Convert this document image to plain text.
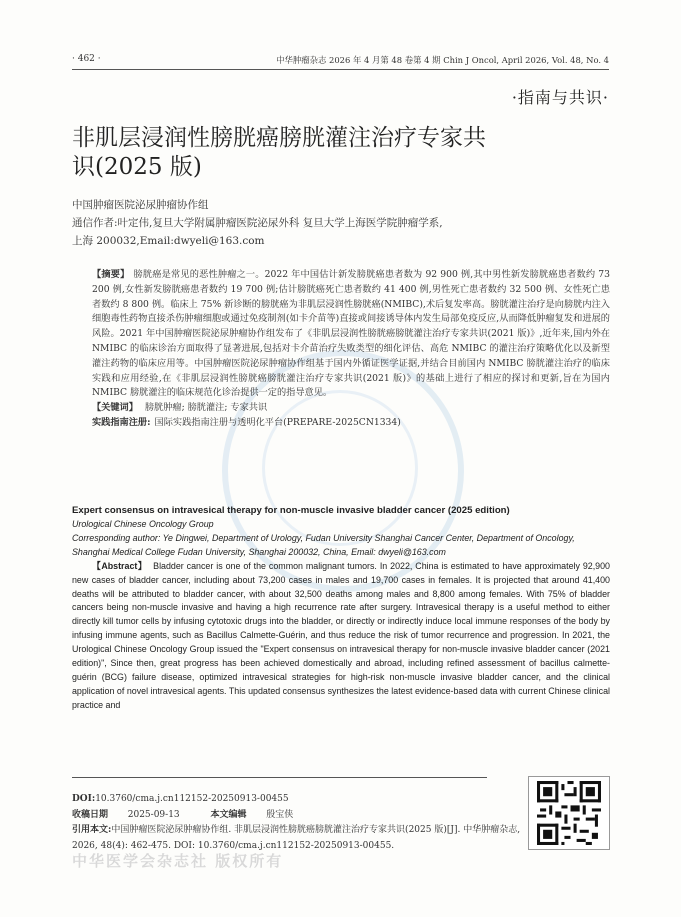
· 462 ·	中华肿瘤杂志 2026 年 4 月第 48 卷第 4 期 Chin J Oncol, April 2026, Vol. 48, No. 4
·指南与共识·
非肌层浸润性膀胱癌膀胱灌注治疗专家共识(2025 版)
中国肿瘤医院泌尿肿瘤协作组
通信作者:叶定伟,复旦大学附属肿瘤医院泌尿外科 复旦大学上海医学院肿瘤学系,
上海 200032,Email:dwyeli@163.com
【摘要】 膀胱癌是常见的恶性肿瘤之一。2022 年中国估计新发膀胱癌患者数为 92 900 例,其中男性新发膀胱癌患者数约 73 200 例,女性新发膀胱癌患者数约 19 700 例;估计膀胱癌死亡患者数约 41 400 例,男性死亡患者数约 32 500 例、女性死亡患者数约 8 800 例。临床上 75% 新诊断的膀胱癌为非肌层浸润性膀胱癌(NMIBC),术后复发率高。膀胱灌注治疗是向膀胱内注入细胞毒性药物直接杀伤肿瘤细胞或通过免疫制剂(如卡介苗等)直接或间接诱导体内发生局部免疫反应,从而降低肿瘤复发和进展的风险。2021 年中国肿瘤医院泌尿肿瘤协作组发布了《非肌层浸润性膀胱癌膀胱灌注治疗专家共识(2021 版)》,近年来,国内外在 NMIBC 的临床诊治方面取得了显著进展,包括对卡介苗治疗失败类型的细化评估、高危 NMIBC 的灌注治疗策略优化以及新型灌注药物的临床应用等。中国肿瘤医院泌尿肿瘤协作组基于国内外循证医学证据,并结合目前国内 NMIBC 膀胱灌注治疗的临床实践和应用经验,在《非肌层浸润性膀胱癌膀胱灌注治疗专家共识(2021 版)》的基础上进行了相应的探讨和更新,旨在为国内 NMIBC 膀胱灌注的临床规范化诊治提供一定的指导意见。
【关键词】 膀胱肿瘤; 膀胱灌注; 专家共识
实践指南注册: 国际实践指南注册与透明化平台(PREPARE-2025CN1334)
Expert consensus on intravesical therapy for non-muscle invasive bladder cancer (2025 edition)
Urological Chinese Oncology Group
Corresponding author: Ye Dingwei, Department of Urology, Fudan University Shanghai Cancer Center, Department of Oncology, Shanghai Medical College Fudan University, Shanghai 200032, China, Email: dwyeli@163.com
【Abstract】 Bladder cancer is one of the common malignant tumors. In 2022, China is estimated to have approximately 92,900 new cases of bladder cancer, including about 73,200 cases in males and 19,700 cases in females. It is projected that around 41,400 deaths will be attributed to bladder cancer, with about 32,500 deaths among males and 8,800 among females. With 75% of bladder cancers being non-muscle invasive and having a high recurrence rate after surgery. Intravesical therapy is a useful method to either directly kill tumor cells by infusing cytotoxic drugs into the bladder, or directly or indirectly induce local immune responses of the body by infusing immune agents, such as Bacillus Calmette-Guérin, and thus reduce the risk of tumor recurrence and progression. In 2021, the Urological Chinese Oncology Group issued the "Expert consensus on intravesical therapy for non-muscle invasive bladder cancer (2021 edition)", Since then, great progress has been achieved domestically and abroad, including refined assessment of bacillus calmette-guérin (BCG) failure disease, optimized intravesical strategies for high-risk non-muscle invasive bladder cancer, and the clinical application of novel intravesical agents. This updated consensus synthesizes the latest evidence-based data with current Chinese clinical practice and
DOI:10.3760/cma.j.cn112152-20250913-00455
收稿日期 2025-09-13	本文编辑 殷宝侠
引用本文:中国肿瘤医院泌尿肿瘤协作组. 非肌层浸润性膀胱癌膀胱灌注治疗专家共识(2025 版)[J]. 中华肿瘤杂志, 2026, 48(4): 462-475. DOI: 10.3760/cma.j.cn112152-20250913-00455.
中华医学会杂志社 版权所有
